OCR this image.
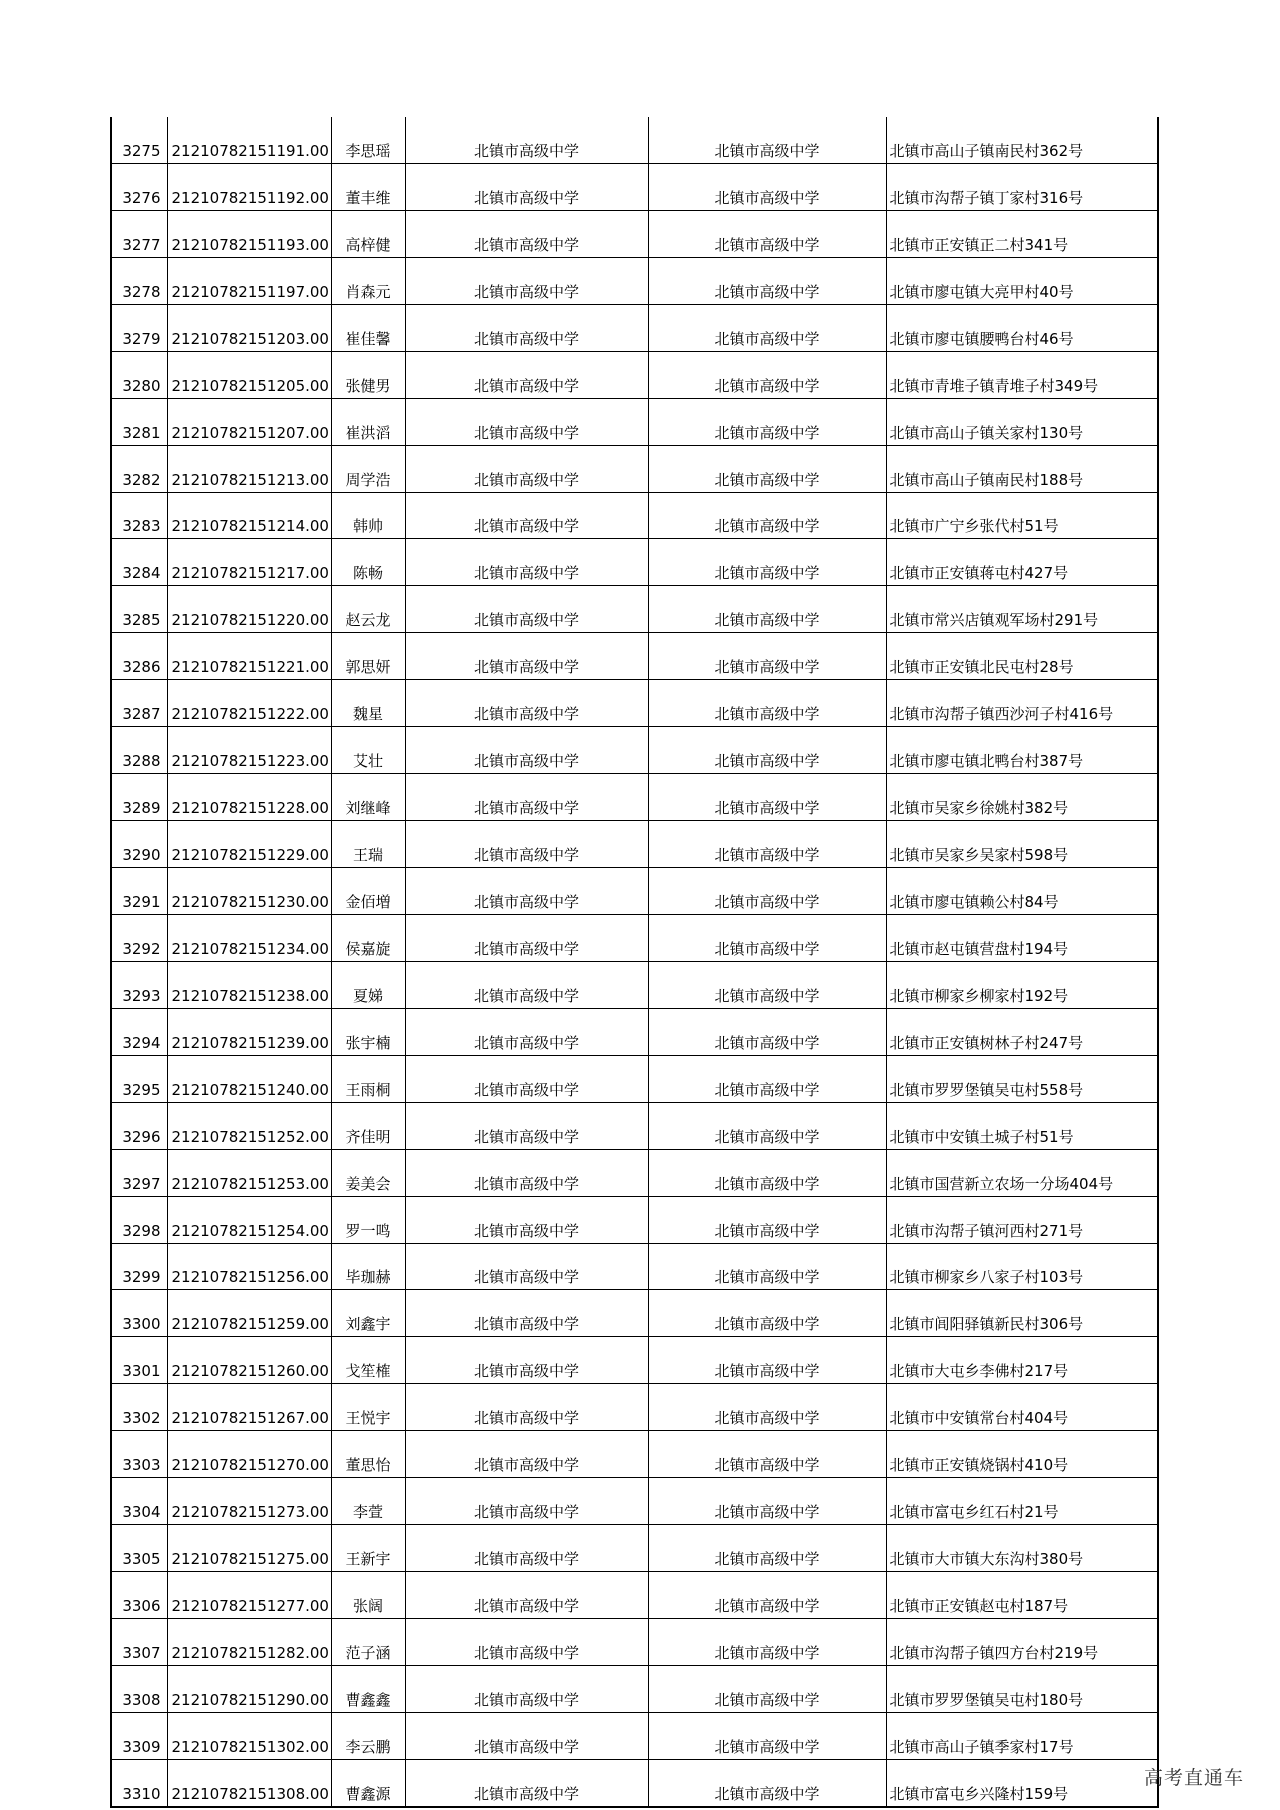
3275	21210782151191.00	李思瑶	北镇市高级中学	北镇市高级中学	北镇市高山子镇南民村362号
3276	21210782151192.00	董丰维	北镇市高级中学	北镇市高级中学	北镇市沟帮子镇丁家村316号
3277	21210782151193.00	高梓健	北镇市高级中学	北镇市高级中学	北镇市正安镇正二村341号
3278	21210782151197.00	肖森元	北镇市高级中学	北镇市高级中学	北镇市廖屯镇大亮甲村40号
3279	21210782151203.00	崔佳馨	北镇市高级中学	北镇市高级中学	北镇市廖屯镇腰鸭台村46号
3280	21210782151205.00	张健男	北镇市高级中学	北镇市高级中学	北镇市青堆子镇青堆子村349号
3281	21210782151207.00	崔洪滔	北镇市高级中学	北镇市高级中学	北镇市高山子镇关家村130号
3282	21210782151213.00	周学浩	北镇市高级中学	北镇市高级中学	北镇市高山子镇南民村188号
3283	21210782151214.00	韩帅	北镇市高级中学	北镇市高级中学	北镇市广宁乡张代村51号
3284	21210782151217.00	陈畅	北镇市高级中学	北镇市高级中学	北镇市正安镇蒋屯村427号
3285	21210782151220.00	赵云龙	北镇市高级中学	北镇市高级中学	北镇市常兴店镇观军场村291号
3286	21210782151221.00	郭思妍	北镇市高级中学	北镇市高级中学	北镇市正安镇北民屯村28号
3287	21210782151222.00	魏星	北镇市高级中学	北镇市高级中学	北镇市沟帮子镇西沙河子村416号
3288	21210782151223.00	艾壮	北镇市高级中学	北镇市高级中学	北镇市廖屯镇北鸭台村387号
3289	21210782151228.00	刘继峰	北镇市高级中学	北镇市高级中学	北镇市吴家乡徐姚村382号
3290	21210782151229.00	王瑞	北镇市高级中学	北镇市高级中学	北镇市吴家乡吴家村598号
3291	21210782151230.00	金佰増	北镇市高级中学	北镇市高级中学	北镇市廖屯镇赖公村84号
3292	21210782151234.00	侯嘉旋	北镇市高级中学	北镇市高级中学	北镇市赵屯镇营盘村194号
3293	21210782151238.00	夏娣	北镇市高级中学	北镇市高级中学	北镇市柳家乡柳家村192号
3294	21210782151239.00	张宇楠	北镇市高级中学	北镇市高级中学	北镇市正安镇树林子村247号
3295	21210782151240.00	王雨桐	北镇市高级中学	北镇市高级中学	北镇市罗罗堡镇吴屯村558号
3296	21210782151252.00	齐佳明	北镇市高级中学	北镇市高级中学	北镇市中安镇土城子村51号
3297	21210782151253.00	姜美会	北镇市高级中学	北镇市高级中学	北镇市国营新立农场一分场404号
3298	21210782151254.00	罗一鸣	北镇市高级中学	北镇市高级中学	北镇市沟帮子镇河西村271号
3299	21210782151256.00	毕珈赫	北镇市高级中学	北镇市高级中学	北镇市柳家乡八家子村103号
3300	21210782151259.00	刘鑫宇	北镇市高级中学	北镇市高级中学	北镇市闾阳驿镇新民村306号
3301	21210782151260.00	戈笙榷	北镇市高级中学	北镇市高级中学	北镇市大屯乡李佛村217号
3302	21210782151267.00	王悦宇	北镇市高级中学	北镇市高级中学	北镇市中安镇常台村404号
3303	21210782151270.00	董思怡	北镇市高级中学	北镇市高级中学	北镇市正安镇烧锅村410号
3304	21210782151273.00	李萱	北镇市高级中学	北镇市高级中学	北镇市富屯乡红石村21号
3305	21210782151275.00	王新宇	北镇市高级中学	北镇市高级中学	北镇市大市镇大东沟村380号
3306	21210782151277.00	张阔	北镇市高级中学	北镇市高级中学	北镇市正安镇赵屯村187号
3307	21210782151282.00	范子涵	北镇市高级中学	北镇市高级中学	北镇市沟帮子镇四方台村219号
3308	21210782151290.00	曹鑫鑫	北镇市高级中学	北镇市高级中学	北镇市罗罗堡镇吴屯村180号
3309	21210782151302.00	李云鹏	北镇市高级中学	北镇市高级中学	北镇市高山子镇季家村17号
3310	21210782151308.00	曹鑫源	北镇市高级中学	北镇市高级中学	北镇市富屯乡兴隆村159号
高考直通车
